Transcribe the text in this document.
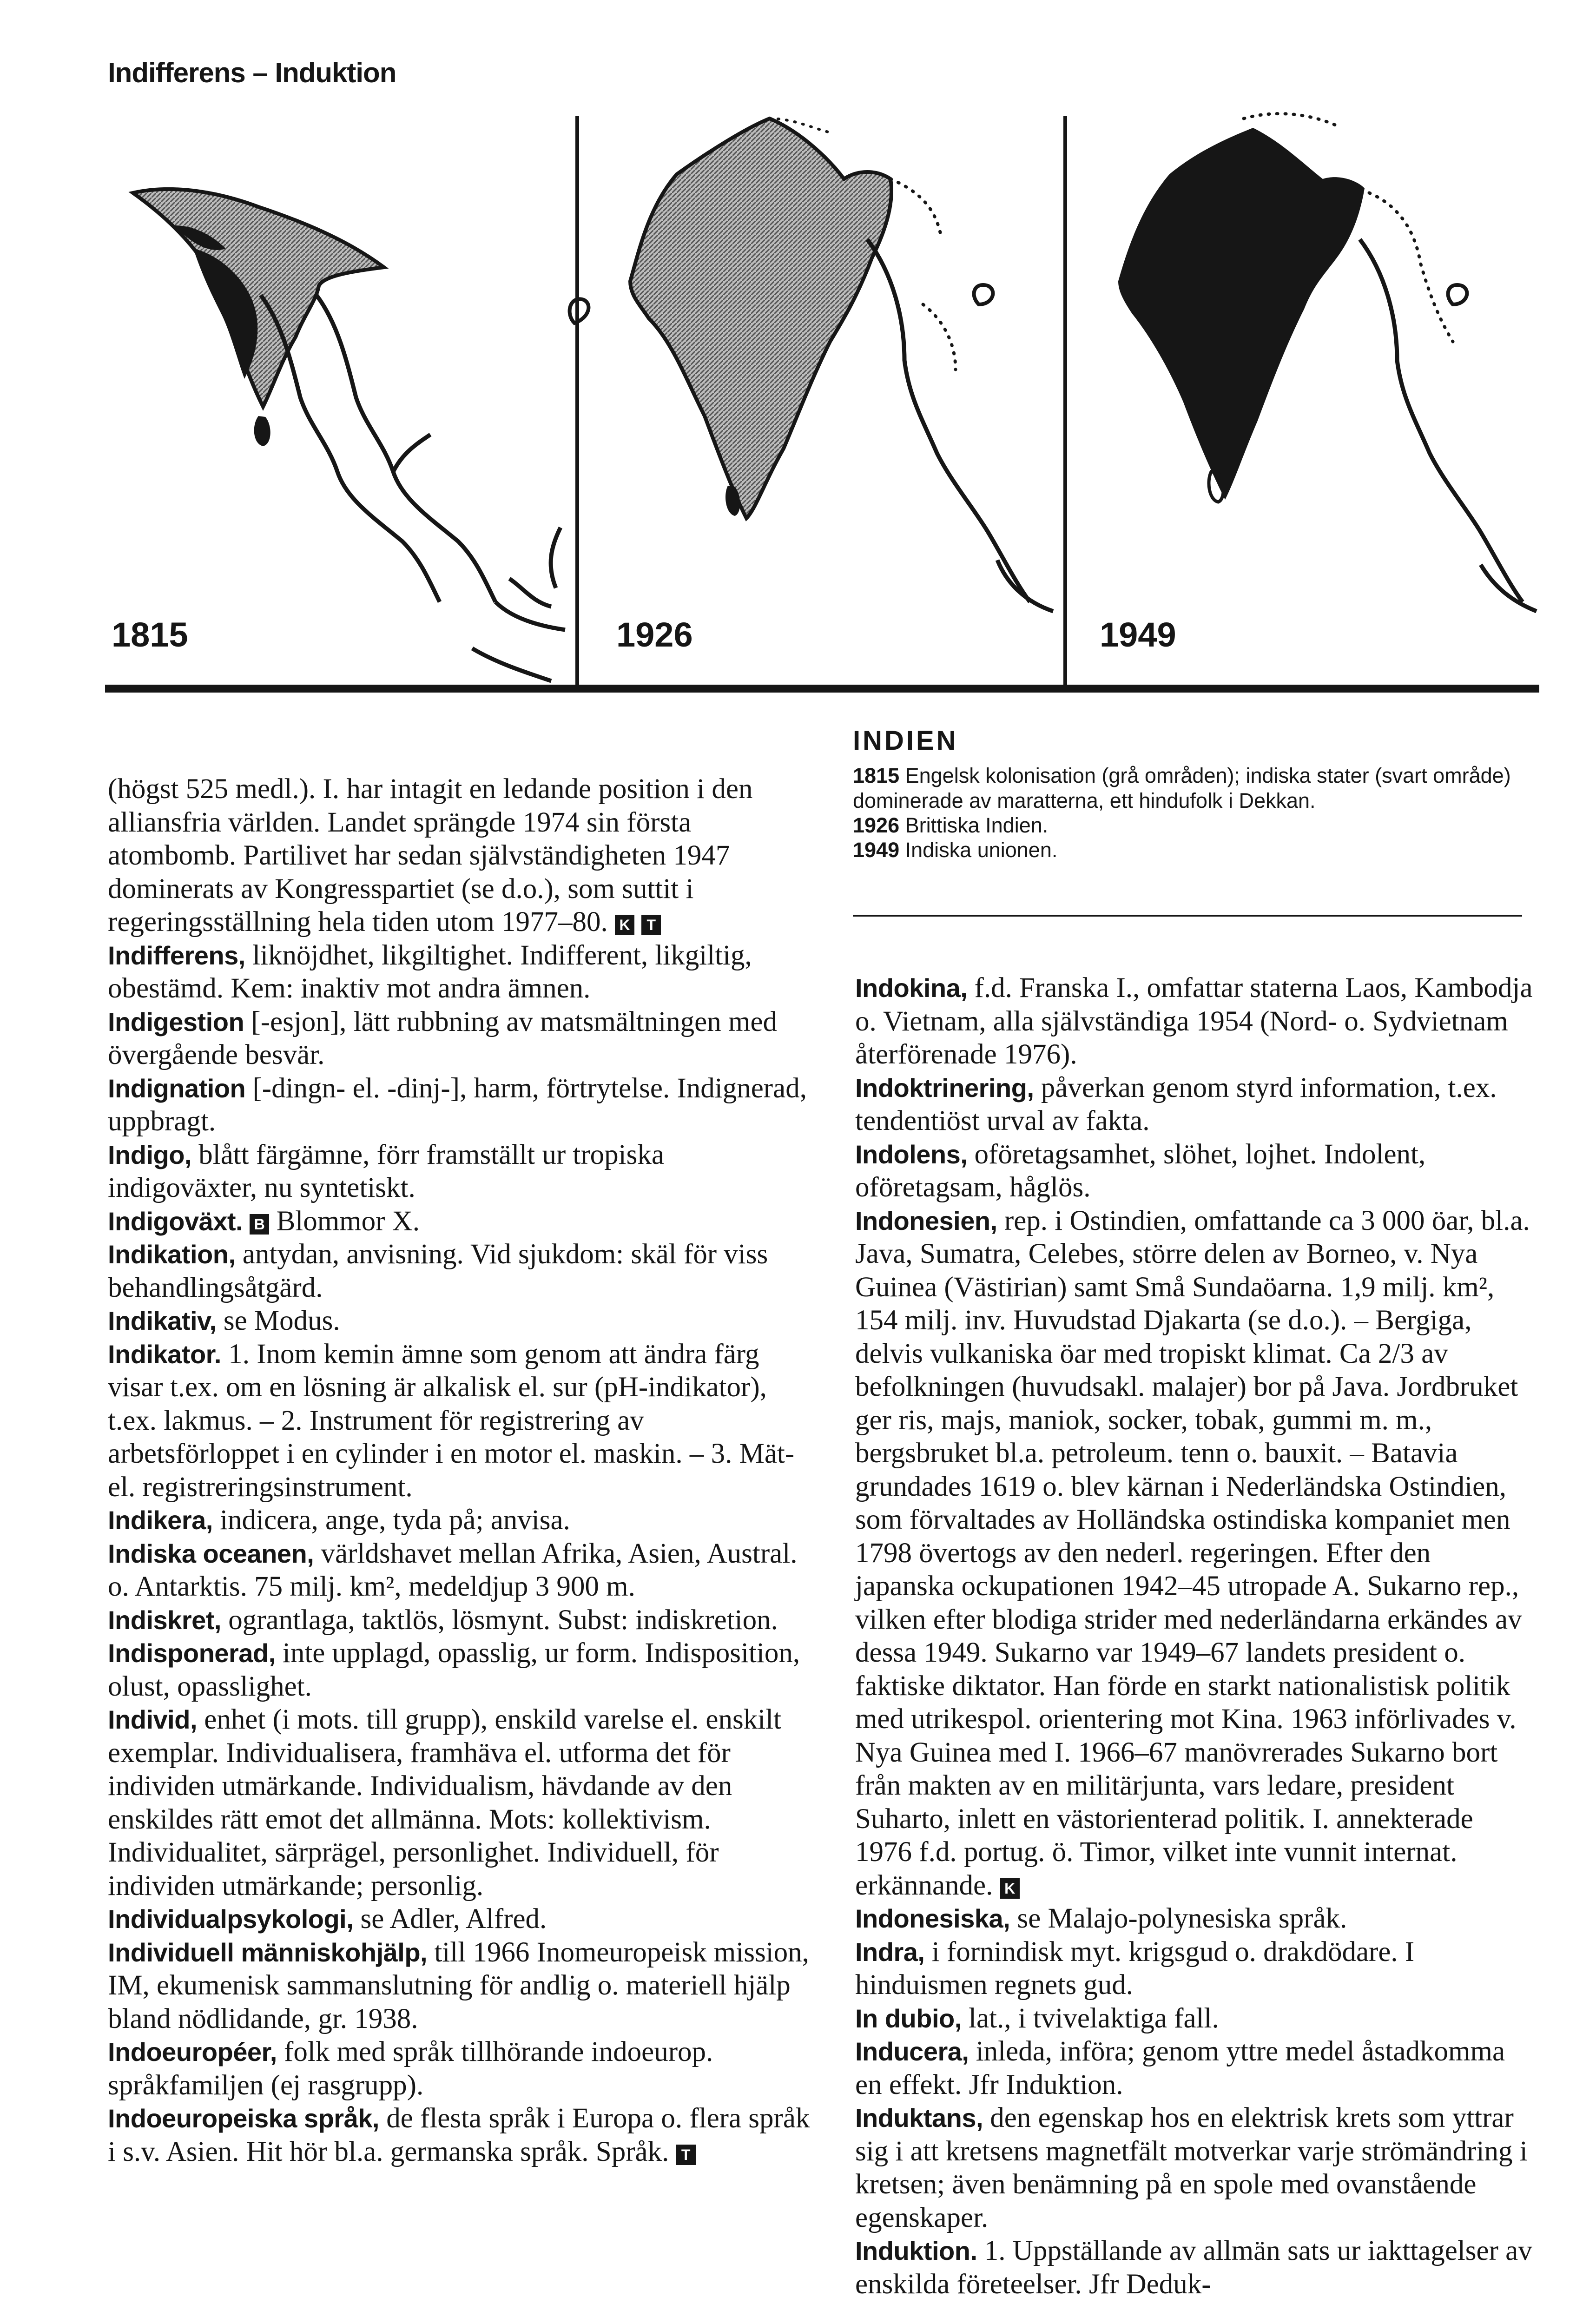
Indifferens – Induktion
1815	1926	1949
INDIEN

1815 Engelsk kolonisation (grå områden); indiska stater (svart område) dominerade av maratterna, ett hindufolk i Dekkan.

1926 Brittiska Indien.

1949 Indiska unionen.

(högst 525 medl.). I. har intagit en ledande position i den alliansfria världen. Landet sprängde 1974 sin första atombomb. Partilivet har sedan självständigheten 1947 dominerats av Kongresspartiet (se d.o.), som suttit i regeringsställning hela tiden utom 1977–80. K T

Indifferens, liknöjdhet, likgiltighet. Indifferent, likgiltig, obestämd. Kem: inaktiv mot andra ämnen.

Indigestion [-esjon], lätt rubbning av matsmältningen med övergående besvär.

Indignation [-dingn- el. -dinj-], harm, förtrytelse. Indignerad, uppbragt.

Indigo, blått färgämne, förr framställt ur tropiska indigoväxter, nu syntetiskt.

Indigoväxt. B Blommor X.

Indikation, antydan, anvisning. Vid sjukdom: skäl för viss behandlingsåtgärd.

Indikativ, se Modus.

Indikator. 1. Inom kemin ämne som genom att ändra färg visar t.ex. om en lösning är alkalisk el. sur (pH-indikator), t.ex. lakmus. – 2. Instrument för registrering av arbetsförloppet i en cylinder i en motor el. maskin. – 3. Mät- el. registreringsinstrument.

Indikera, indicera, ange, tyda på; anvisa.

Indiska oceanen, världshavet mellan Afrika, Asien, Austral. o. Antarktis. 75 milj. km², medeldjup 3 900 m.

Indiskret, ograntlaga, taktlös, lösmynt. Subst: indiskretion.

Indisponerad, inte upplagd, opasslig, ur form. Indisposition, olust, opasslighet.

Individ, enhet (i mots. till grupp), enskild varelse el. enskilt exemplar. Individualisera, framhäva el. utforma det för individen utmärkande. Individualism, hävdande av den enskildes rätt emot det allmänna. Mots: kollektivism. Individualitet, särprägel, personlighet. Individuell, för individen utmärkande; personlig.

Individualpsykologi, se Adler, Alfred.

Individuell människohjälp, till 1966 Inomeuropeisk mission, IM, ekumenisk sammanslutning för andlig o. materiell hjälp bland nödlidande, gr. 1938.

Indoeuropéer, folk med språk tillhörande indoeurop. språkfamiljen (ej rasgrupp).

Indoeuropeiska språk, de flesta språk i Europa o. flera språk i s.v. Asien. Hit hör bl.a. germanska språk. Språk. T

Indokina, f.d. Franska I., omfattar staterna Laos, Kambodja o. Vietnam, alla självständiga 1954 (Nord- o. Sydvietnam återförenade 1976).

Indoktrinering, påverkan genom styrd information, t.ex. tendentiöst urval av fakta.

Indolens, oföretagsamhet, slöhet, lojhet. Indolent, oföretagsam, håglös.

Indonesien, rep. i Ostindien, omfattande ca 3 000 öar, bl.a. Java, Sumatra, Celebes, större delen av Borneo, v. Nya Guinea (Västirian) samt Små Sundaöarna. 1,9 milj. km², 154 milj. inv. Huvudstad Djakarta (se d.o.). – Bergiga, delvis vulkaniska öar med tropiskt klimat. Ca 2/3 av befolkningen (huvudsakl. malajer) bor på Java. Jordbruket ger ris, majs, maniok, socker, tobak, gummi m. m., bergsbruket bl.a. petroleum. tenn o. bauxit. – Batavia grundades 1619 o. blev kärnan i Nederländska Ostindien, som förvaltades av Holländska ostindiska kompaniet men 1798 övertogs av den nederl. regeringen. Efter den japanska ockupationen 1942–45 utropade A. Sukarno rep., vilken efter blodiga strider med nederländarna erkändes av dessa 1949. Sukarno var 1949–67 landets president o. faktiske diktator. Han förde en starkt nationalistisk politik med utrikespol. orientering mot Kina. 1963 införlivades v. Nya Guinea med I. 1966–67 manövrerades Sukarno bort från makten av en militärjunta, vars ledare, president Suharto, inlett en västorienterad politik. I. annekterade 1976 f.d. portug. ö. Timor, vilket inte vunnit internat. erkännande. K

Indonesiska, se Malajo-polynesiska språk.

Indra, i fornindisk myt. krigsgud o. drakdödare. I hinduismen regnets gud.

In dubio, lat., i tvivelaktiga fall.

Inducera, inleda, införa; genom yttre medel åstadkomma en effekt. Jfr Induktion.

Induktans, den egenskap hos en elektrisk krets som yttrar sig i att kretsens magnetfält motverkar varje strömändring i kretsen; även benämning på en spole med ovanstående egenskaper.

Induktion. 1. Uppställande av allmän sats ur iakttagelser av enskilda företeelser. Jfr Deduk-
